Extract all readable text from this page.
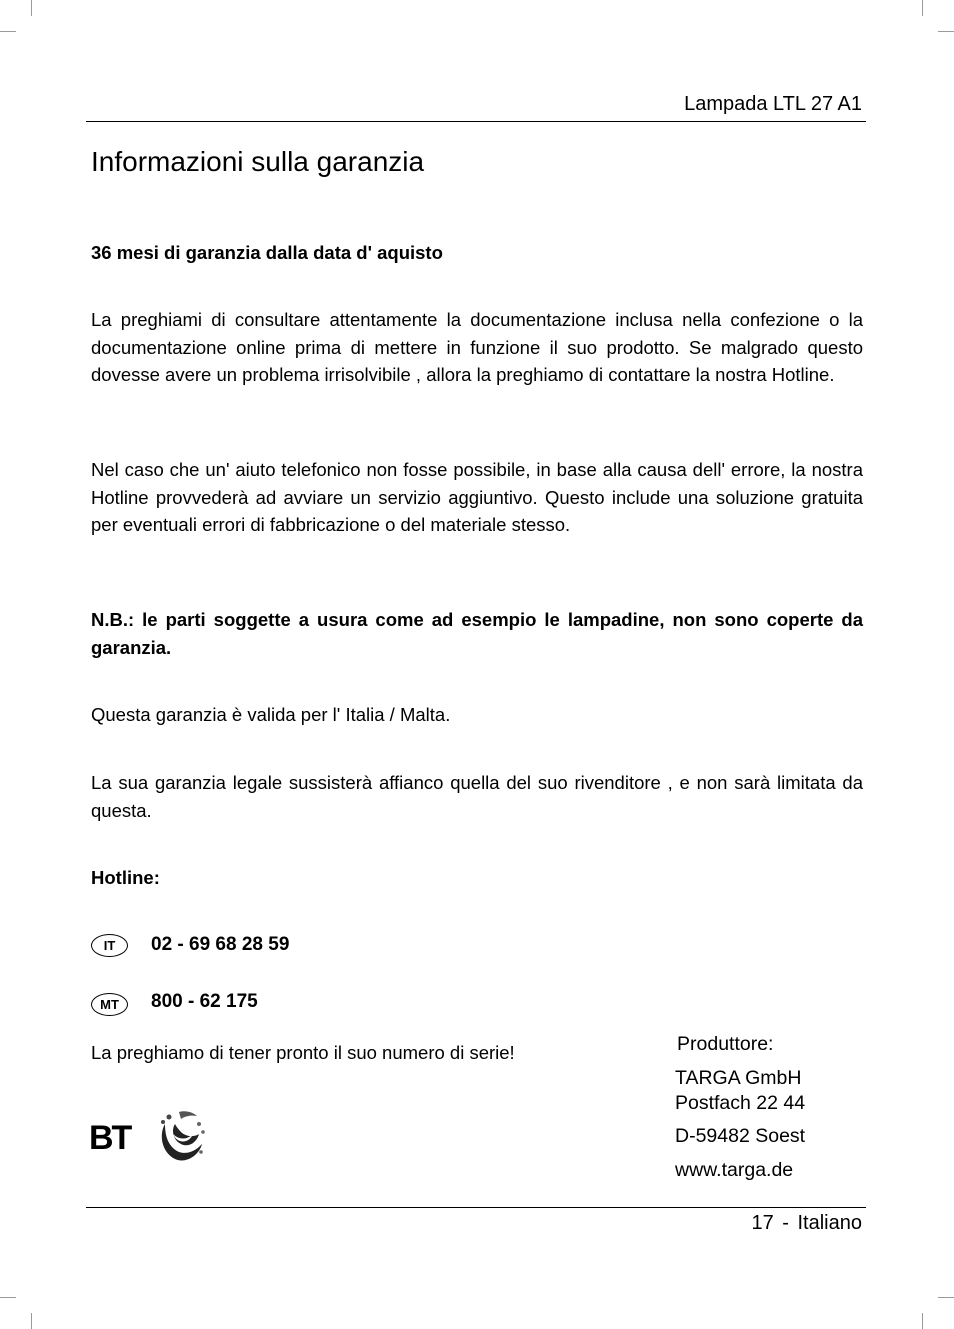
Lampada LTL 27 A1
Informazioni sulla garanzia

36 mesi di garanzia dalla data d' aquisto

La preghiami di consultare attentamente la documentazione inclusa nella confezione o la documentazione online prima di mettere in funzione il suo prodotto. Se malgrado questo dovesse avere un problema irrisolvibile , allora la preghiamo di contattare la nostra Hotline.

Nel caso che un' aiuto telefonico non fosse possibile, in base alla causa dell' errore, la nostra Hotline provvederà ad avviare un servizio aggiuntivo. Questo include una soluzione gratuita per eventuali errori di fabbricazione o del materiale stesso.

N.B.: le parti soggette a usura come ad esempio le lampadine, non sono coperte da garanzia.

Questa garanzia è valida per l' Italia / Malta.

La sua garanzia legale sussisterà affianco quella del suo rivenditore , e non sarà limitata da questa.

Hotline:

IT	02 - 69 68 28 59
MT	800 - 62 175

La preghiamo di tener pronto il suo numero di serie!	Produttore:
TARGA GmbH
Postfach 22 44
D-59482 Soest
www.targa.de
BT
17 - Italiano
